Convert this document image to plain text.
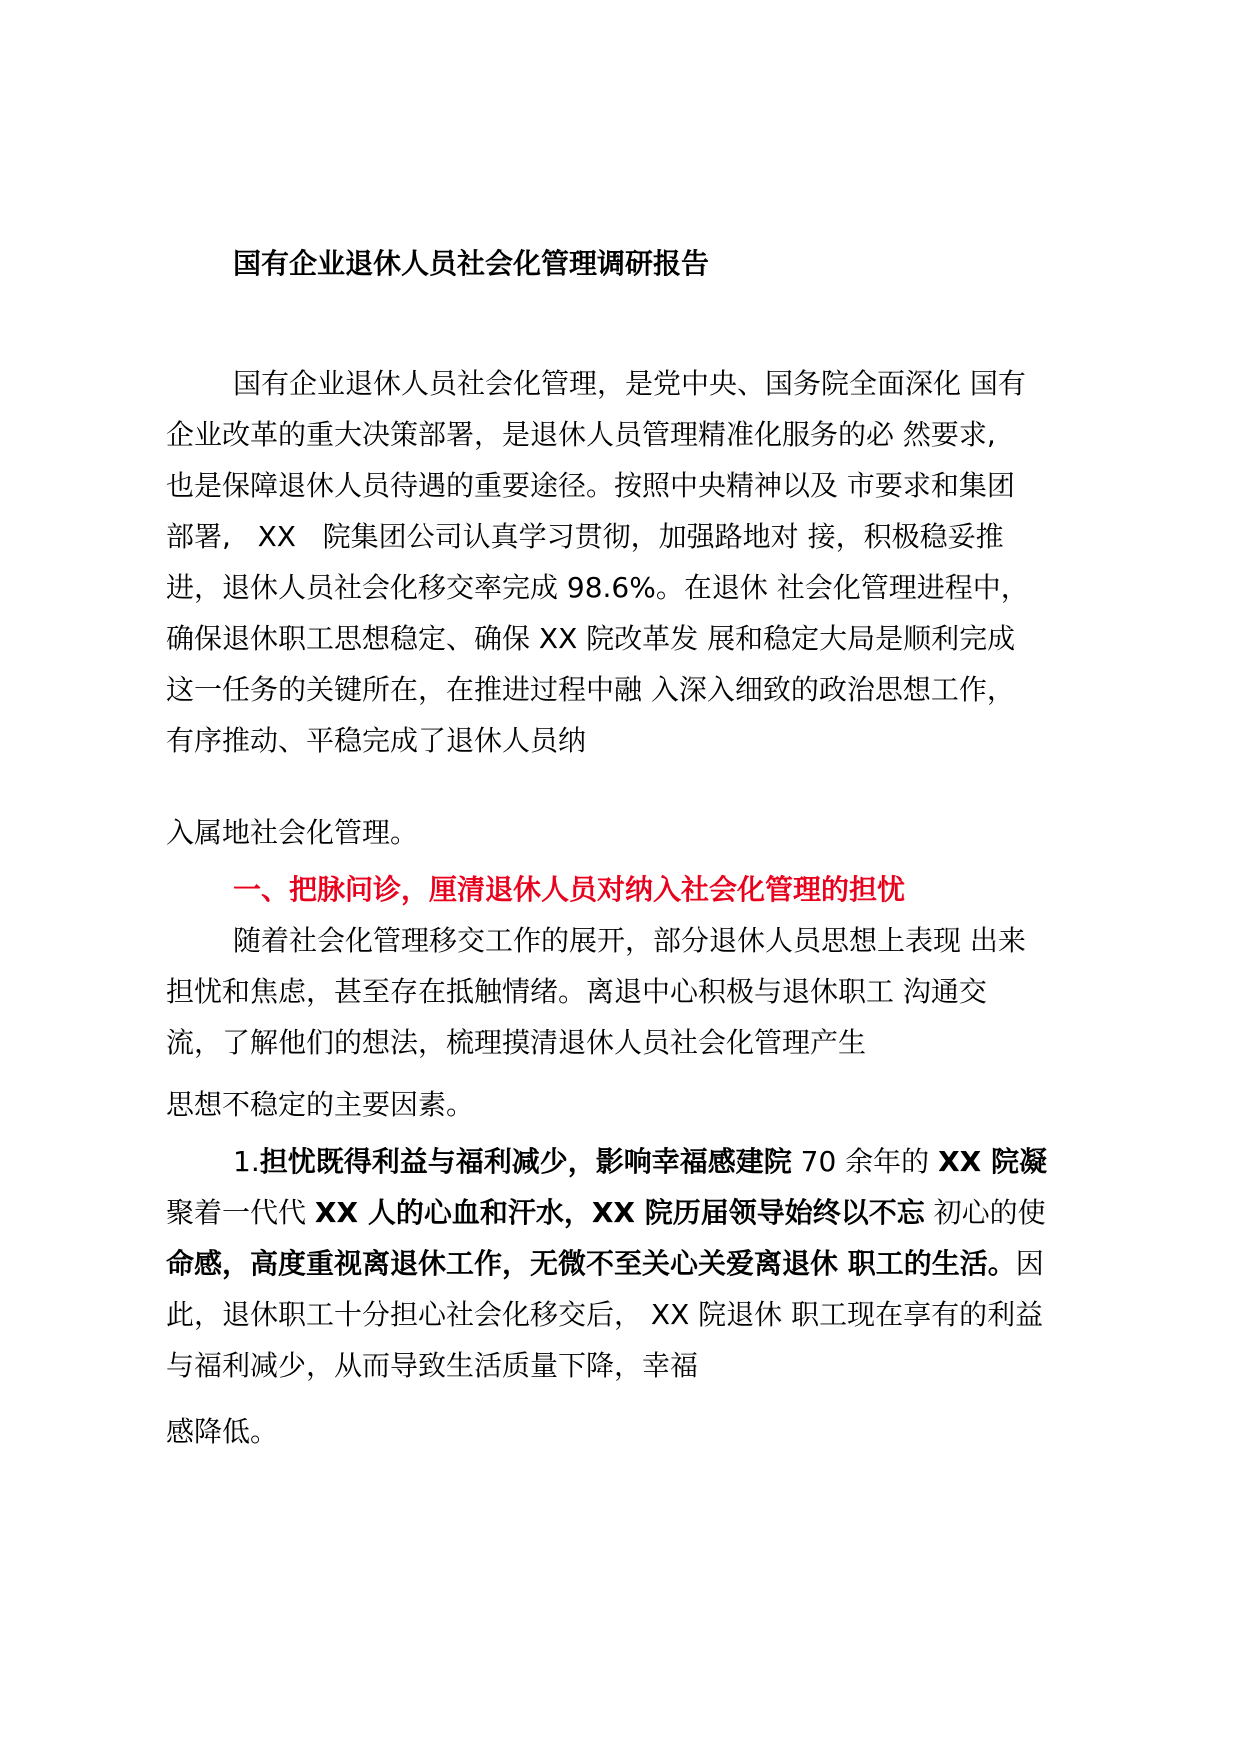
国有企业退休人员社会化管理调研报告

国有企业退休人员社会化管理，是党中央、国务院全面深化 国有
企业改革的重大决策部署，是退休人员管理精准化服务的必 然要求,
也是保障退休人员待遇的重要途径。按照中央精神以及 市要求和集团
部署,   XX   院集团公司认真学习贯彻，加强路地对 接，积极稳妥推
进，退休人员社会化移交率完成 98.6%。在退休 社会化管理进程中，
确保退休职工思想稳定、确保 XX 院改革发 展和稳定大局是顺利完成
这一任务的关键所在，在推进过程中融 入深入细致的政治思想工作，
有序推动、平稳完成了退休人员纳

入属地社会化管理。

一、把脉问诊，厘清退休人员对纳入社会化管理的担忧

随着社会化管理移交工作的展开，部分退休人员思想上表现 出来
担忧和焦虑，甚至存在抵触情绪。离退中心积极与退休职工 沟通交
流，了解他们的想法，梳理摸清退休人员社会化管理产生

思想不稳定的主要因素。

1.担忧既得利益与福利减少，影响幸福感建院 70 余年的 XX 院凝
聚着一代代 XX 人的心血和汗水，XX 院历届领导始终以不忘 初心的使
命感，高度重视离退休工作，无微不至关心关爱离退休 职工的生活。因
此，退休职工十分担心社会化移交后， XX 院退休 职工现在享有的利益
与福利减少，从而导致生活质量下降，幸福

感降低。
